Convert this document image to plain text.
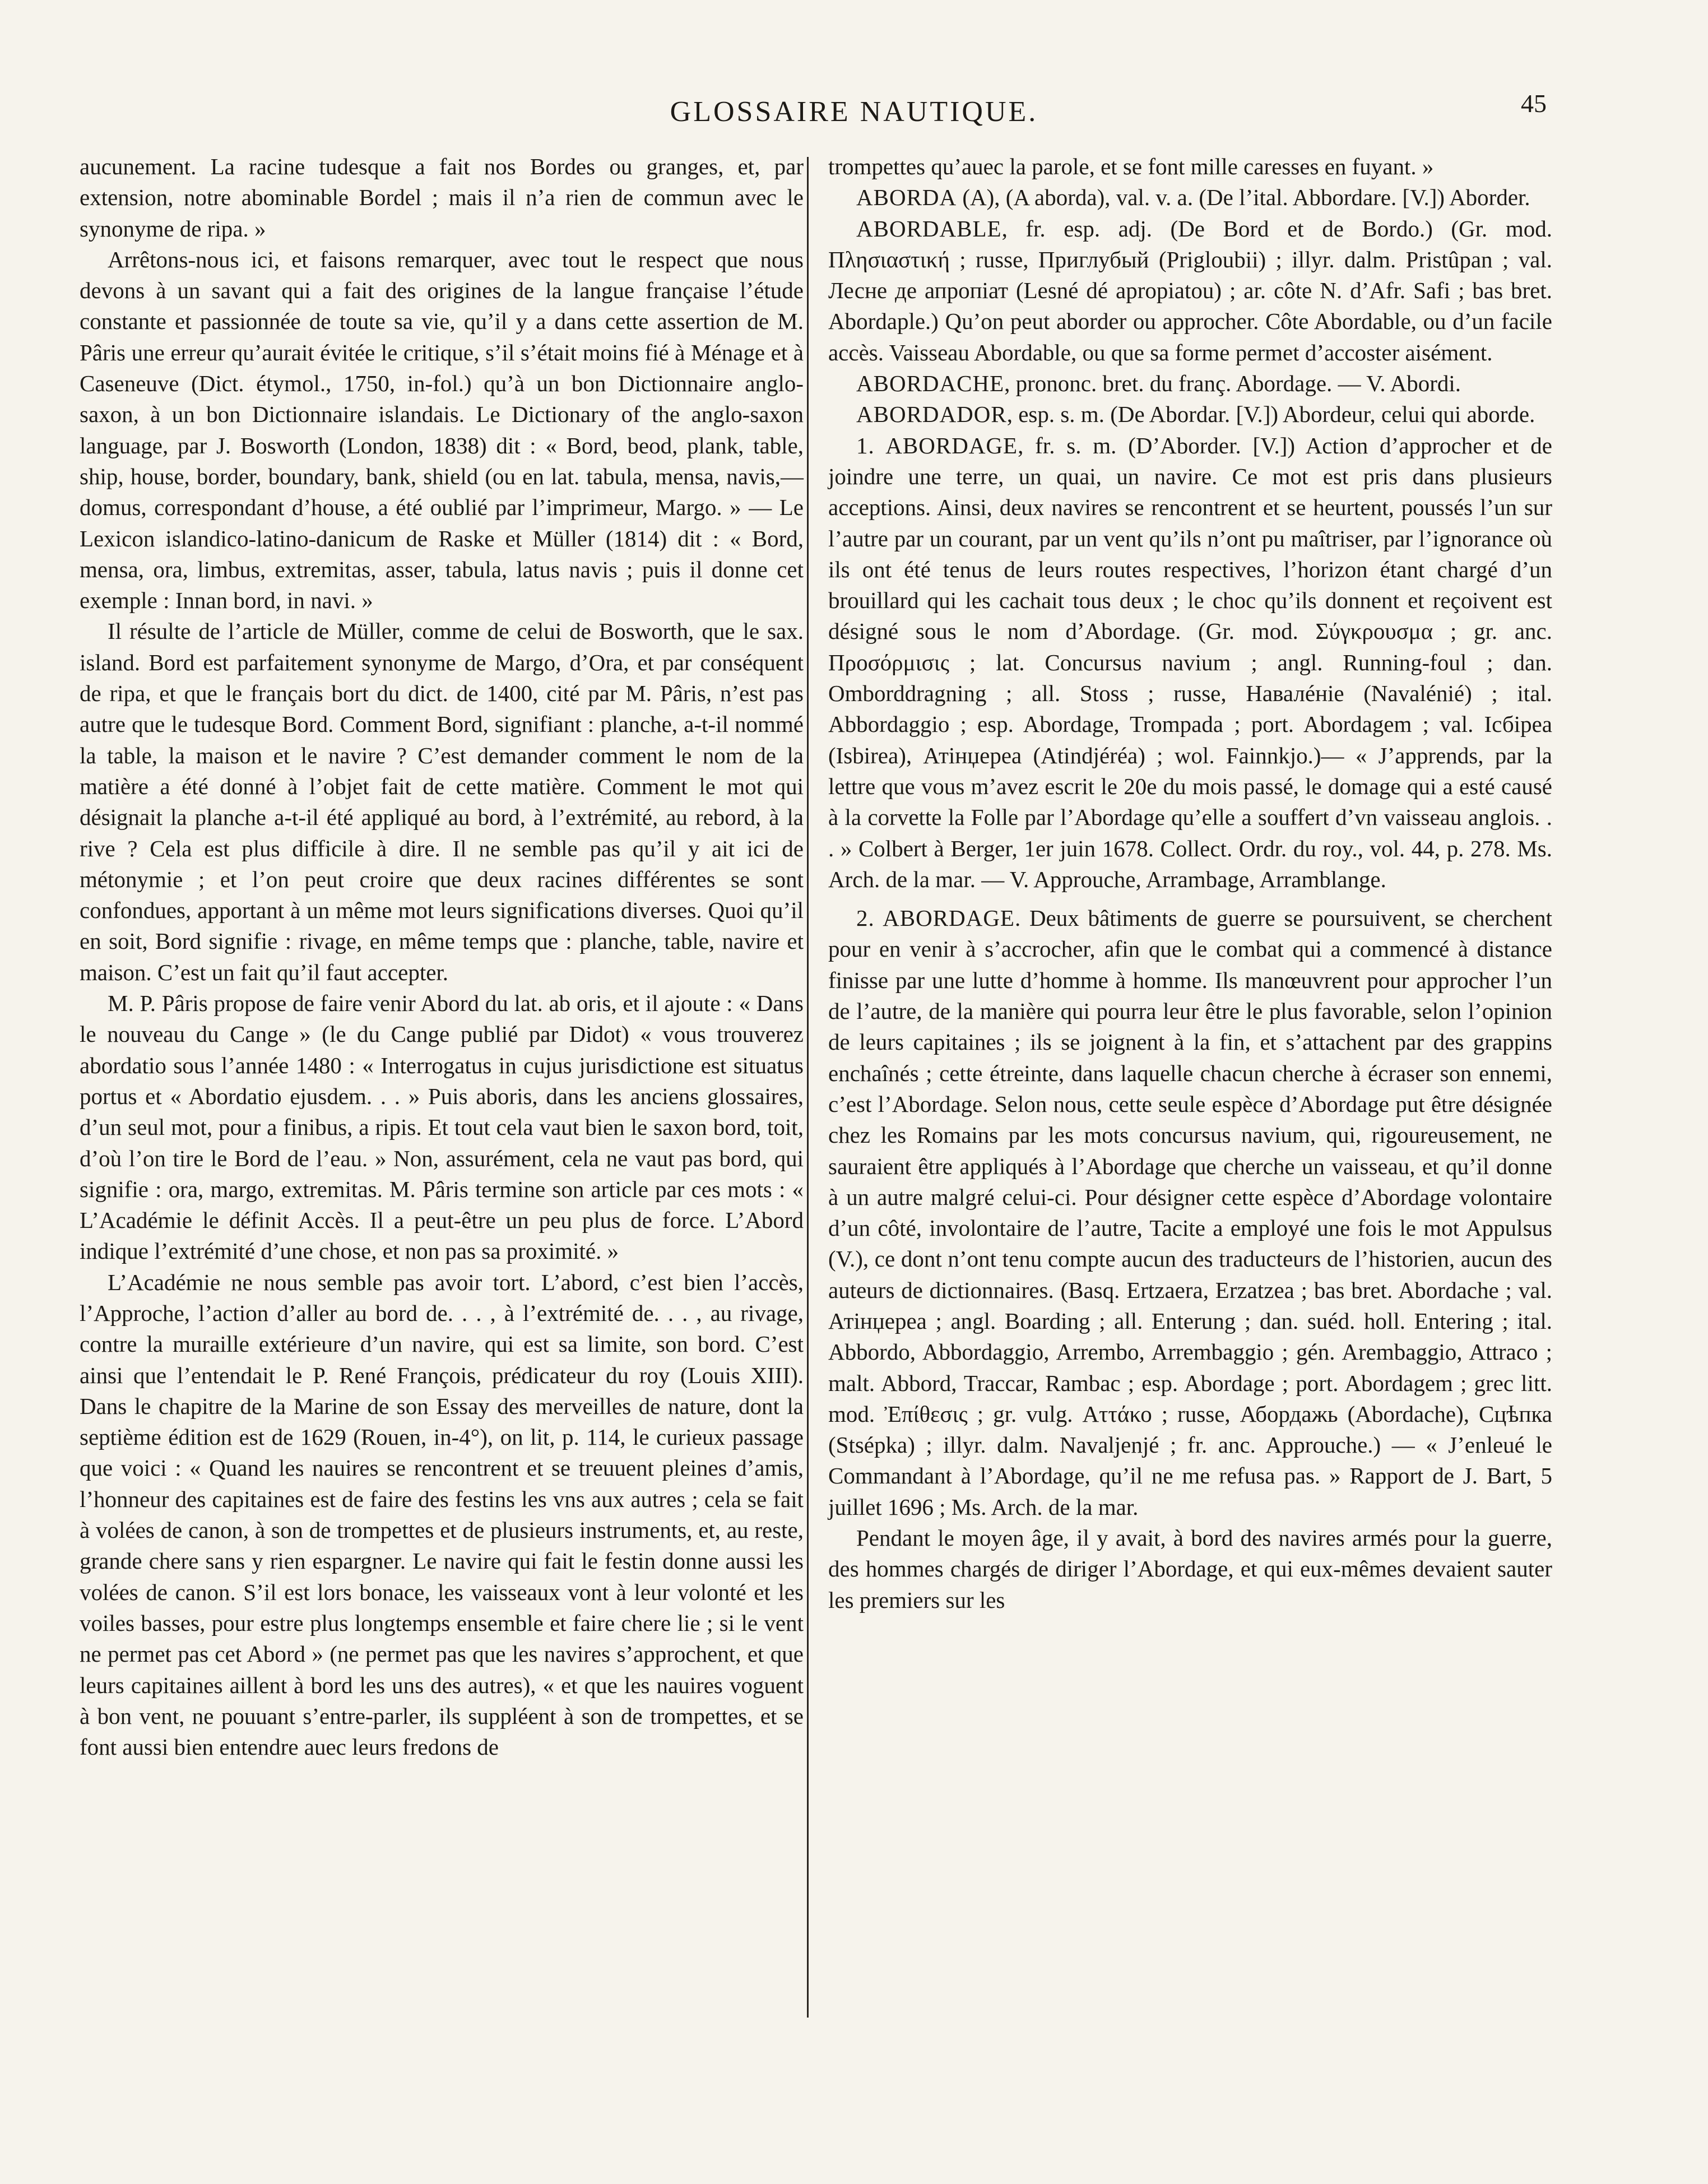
GLOSSAIRE NAUTIQUE.	45

aucunement. La racine tudesque a fait nos Bordes ou granges, et, par extension, notre abominable Bordel ; mais il n’a rien de commun avec le synonyme de ripa. »

Arrêtons-nous ici, et faisons remarquer, avec tout le respect que nous devons à un savant qui a fait des origines de la langue française l’étude constante et passionnée de toute sa vie, qu’il y a dans cette assertion de M. Pâris une erreur qu’aurait évitée le critique, s’il s’était moins fié à Ménage et à Caseneuve (Dict. étymol., 1750, in-fol.) qu’à un bon Dictionnaire anglo-saxon, à un bon Dictionnaire islandais. Le Dictionary of the anglo-saxon language, par J. Bosworth (London, 1838) dit : « Bord, beod, plank, table, ship, house, border, boundary, bank, shield (ou en lat. tabula, mensa, navis,—domus, correspondant d’house, a été oublié par l’imprimeur, Margo. » — Le Lexicon islandico-latino-danicum de Raske et Müller (1814) dit : « Bord, mensa, ora, limbus, extremitas, asser, tabula, latus navis ; puis il donne cet exemple : Innan bord, in navi. »

Il résulte de l’article de Müller, comme de celui de Bosworth, que le sax. island. Bord est parfaitement synonyme de Margo, d’Ora, et par conséquent de ripa, et que le français bort du dict. de 1400, cité par M. Pâris, n’est pas autre que le tudesque Bord. Comment Bord, signifiant : planche, a-t-il nommé la table, la maison et le navire ? C’est demander comment le nom de la matière a été donné à l’objet fait de cette matière. Comment le mot qui désignait la planche a-t-il été appliqué au bord, à l’extrémité, au rebord, à la rive ? Cela est plus difficile à dire. Il ne semble pas qu’il y ait ici de métonymie ; et l’on peut croire que deux racines différentes se sont confondues, apportant à un même mot leurs significations diverses. Quoi qu’il en soit, Bord signifie : rivage, en même temps que : planche, table, navire et maison. C’est un fait qu’il faut accepter.

M. P. Pâris propose de faire venir Abord du lat. ab oris, et il ajoute : « Dans le nouveau du Cange » (le du Cange publié par Didot) « vous trouverez abordatio sous l’année 1480 : « Interrogatus in cujus jurisdictione est situatus portus et « Abordatio ejusdem. . . » Puis aboris, dans les anciens glossaires, d’un seul mot, pour a finibus, a ripis. Et tout cela vaut bien le saxon bord, toit, d’où l’on tire le Bord de l’eau. » Non, assurément, cela ne vaut pas bord, qui signifie : ora, margo, extremitas. M. Pâris termine son article par ces mots : « L’Académie le définit Accès. Il a peut-être un peu plus de force. L’Abord indique l’extrémité d’une chose, et non pas sa proximité. »

L’Académie ne nous semble pas avoir tort. L’abord, c’est bien l’accès, l’Approche, l’action d’aller au bord de. . . , à l’extrémité de. . . , au rivage, contre la muraille extérieure d’un navire, qui est sa limite, son bord. C’est ainsi que l’entendait le P. René François, prédicateur du roy (Louis XIII). Dans le chapitre de la Marine de son Essay des merveilles de nature, dont la septième édition est de 1629 (Rouen, in-4°), on lit, p. 114, le curieux passage que voici : « Quand les nauires se rencontrent et se treuuent pleines d’amis, l’honneur des capitaines est de faire des festins les vns aux autres ; cela se fait à volées de canon, à son de trompettes et de plusieurs instruments, et, au reste, grande chere sans y rien espargner. Le navire qui fait le festin donne aussi les volées de canon. S’il est lors bonace, les vaisseaux vont à leur volonté et les voiles basses, pour estre plus longtemps ensemble et faire chere lie ; si le vent ne permet pas cet Abord » (ne permet pas que les navires s’approchent, et que leurs capitaines aillent à bord les uns des autres), « et que les nauires voguent à bon vent, ne pouuant s’entre-parler, ils suppléent à son de trompettes, et se font aussi bien entendre auec leurs fredons de

trompettes qu’auec la parole, et se font mille caresses en fuyant. »

ABORDA (A), (A aborda), val. v. a. (De l’ital. Abbordare. [V.]) Aborder.

ABORDABLE, fr. esp. adj. (De Bord et de Bordo.) (Gr. mod. Πλησιαστική ; russe, Приглубый (Prigloubii) ; illyr. dalm. Pristûpan ; val. Лесне де апропіат (Lesné dé apropiatou) ; ar. côte N. d’Afr. Safi ; bas bret. Abordaple.) Qu’on peut aborder ou approcher. Côte Abordable, ou d’un facile accès. Vaisseau Abordable, ou que sa forme permet d’accoster aisément.

ABORDACHE, prononc. bret. du franç. Abordage. — V. Abordi.

ABORDADOR, esp. s. m. (De Abordar. [V.]) Abordeur, celui qui aborde.

1. ABORDAGE, fr. s. m. (D’Aborder. [V.]) Action d’approcher et de joindre une terre, un quai, un navire. Ce mot est pris dans plusieurs acceptions. Ainsi, deux navires se rencontrent et se heurtent, poussés l’un sur l’autre par un courant, par un vent qu’ils n’ont pu maîtriser, par l’ignorance où ils ont été tenus de leurs routes respectives, l’horizon étant chargé d’un brouillard qui les cachait tous deux ; le choc qu’ils donnent et reçoivent est désigné sous le nom d’Abordage. (Gr. mod. Σύγκρουσμα ; gr. anc. Προσόρμισις ; lat. Concursus navium ; angl. Running-foul ; dan. Omborddragning ; all. Stoss ; russe, Навалéніе (Navalénié) ; ital. Abbordaggio ; esp. Abordage, Trompada ; port. Abordagem ; val. Ісбірea (Isbirea), Атінџерea (Atindjéréa) ; wol. Fainnkjo.)— « J’apprends, par la lettre que vous m’avez escrit le 20e du mois passé, le domage qui a esté causé à la corvette la Folle par l’Abordage qu’elle a souffert d’vn vaisseau anglois. . . » Colbert à Berger, 1er juin 1678. Collect. Ordr. du roy., vol. 44, p. 278. Ms. Arch. de la mar. — V. Approuche, Arrambage, Arramblange.

2. ABORDAGE. Deux bâtiments de guerre se poursuivent, se cherchent pour en venir à s’accrocher, afin que le combat qui a commencé à distance finisse par une lutte d’homme à homme. Ils manœuvrent pour approcher l’un de l’autre, de la manière qui pourra leur être le plus favorable, selon l’opinion de leurs capitaines ; ils se joignent à la fin, et s’attachent par des grappins enchaînés ; cette étreinte, dans laquelle chacun cherche à écraser son ennemi, c’est l’Abordage. Selon nous, cette seule espèce d’Abordage put être désignée chez les Romains par les mots concursus navium, qui, rigoureusement, ne sauraient être appliqués à l’Abordage que cherche un vaisseau, et qu’il donne à un autre malgré celui-ci. Pour désigner cette espèce d’Abordage volontaire d’un côté, involontaire de l’autre, Tacite a employé une fois le mot Appulsus (V.), ce dont n’ont tenu compte aucun des traducteurs de l’historien, aucun des auteurs de dictionnaires. (Basq. Ertzaera, Erzatzea ; bas bret. Abordache ; val. Атінџерea ; angl. Boarding ; all. Enterung ; dan. suéd. holl. Entering ; ital. Abbordo, Abbordaggio, Arrembo, Arrembaggio ; gén. Arembaggio, Attraco ; malt. Abbord, Traccar, Rambac ; esp. Abordage ; port. Abordagem ; grec litt. mod. Ἐπίθεσις ; gr. vulg. Αττάκο ; russe, Абордажь (Abordache), Сцѣпка (Stsépka) ; illyr. dalm. Navaljenjé ; fr. anc. Approuche.) — « J’enleué le Commandant à l’Abordage, qu’il ne me refusa pas. » Rapport de J. Bart, 5 juillet 1696 ; Ms. Arch. de la mar.

Pendant le moyen âge, il y avait, à bord des navires armés pour la guerre, des hommes chargés de diriger l’Abordage, et qui eux-mêmes devaient sauter les premiers sur les
